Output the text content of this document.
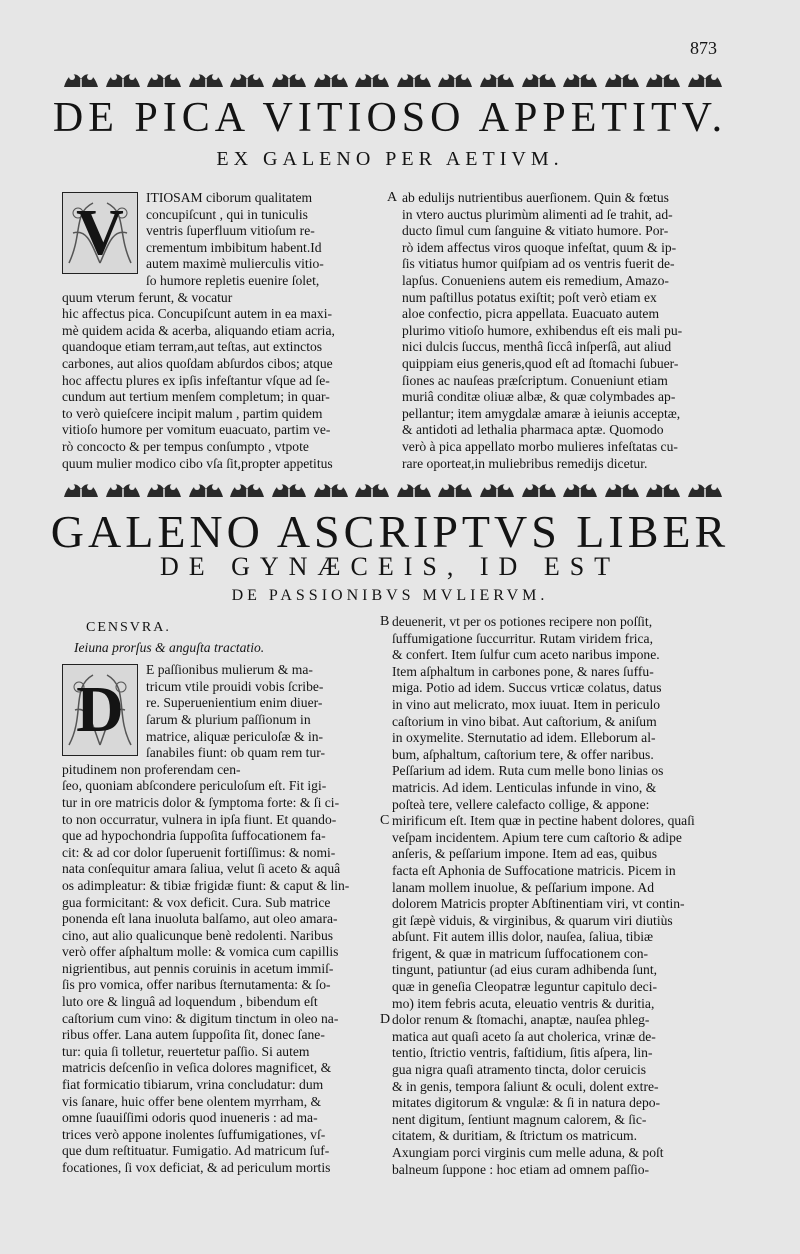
873
DE PICA VITIOSO APPETITV.
EX GALENO PER AETIVM.
V	ITIOSAM ciborum qualitatem

concupiſcunt , qui in tuniculis

ventris ſuperfluum vitioſum re-

crementum imbibitum habent.Id

autem maximè mulierculis vitio-

ſo humore repletis euenire ſolet,

quum vterum ferunt, & vocatur

hic affectus pica. Concupiſcunt autem in ea maxi-

mè quidem acida & acerba, aliquando etiam acria,

quandoque etiam terram,aut teſtas, aut extinctos

carbones, aut alios quoſdam abſurdos cibos; atque

hoc affectu plures ex ipſis infeſtantur vſque ad ſe-

cundum aut tertium menſem completum; in quar-

to verò quieſcere incipit malum , partim quidem

vitioſo humore per vomitum euacuato, partim ve-

rò concocto & per tempus conſumpto , vtpote

quum mulier modico cibo vſa ſit,propter appetitus

A ab edulijs nutrientibus auerſionem. Quin & fœtus

in vtero auctus plurimùm alimenti ad ſe trahit, ad-

ducto ſimul cum ſanguine & vitiato humore. Por-

rò idem affectus viros quoque infeſtat, quum & ip-

ſis vitiatus humor quiſpiam ad os ventris fuerit de-

lapſus. Conueniens autem eis remedium, Amazo-

num paſtillus potatus exiſtit; poſt verò etiam ex

aloe confectio, picra appellata. Euacuato autem

plurimo vitioſo humore, exhibendus eſt eis mali pu-

nici dulcis ſuccus, menthâ ſiccâ inſperſâ, aut aliud

quippiam eius generis,quod eſt ad ſtomachi ſubuer-

ſiones ac nauſeas præſcriptum. Conueniunt etiam

muriâ conditæ oliuæ albæ, & quæ colymbades ap-

pellantur; item amygdalæ amaræ à ieiunis acceptæ,

& antidoti ad lethalia pharmaca aptæ. Quomodo

verò à pica appellato morbo mulieres infeſtatas cu-

rare oporteat,in muliebribus remedijs dicetur.

GALENO ASCRIPTVS LIBER
DE GYNÆCEIS, ID EST
DE PASSIONIBVS MVLIERVM.

CENSVRA.

Ieiuna prorſus & anguſta tractatio.

D

E paſſionibus mulierum & ma-

tricum vtile prouidi vobis ſcribe-

re. Superuenientium enim diuer-

ſarum & plurium paſſionum in

matrice, aliquæ periculoſæ & in-

ſanabiles fiunt: ob quam rem tur-

pitudinem non proferendam cen-

ſeo, quoniam abſcondere periculoſum eſt. Fit igi-

tur in ore matricis dolor & ſymptoma forte: & ſi ci-

to non occurratur, vulnera in ipſa fiunt. Et quando-

que ad hypochondria ſuppoſita ſuffocationem fa-

cit: & ad cor dolor ſuperuenit fortiſſimus: & nomi-

nata conſequitur amara ſaliua, velut ſi aceto & aquâ

os adimpleatur: & tibiæ frigidæ fiunt: & caput & lin-

gua formicitant: & vox deficit. Cura. Sub matrice

ponenda eſt lana inuoluta balſamo, aut oleo amara-

cino, aut alio qualicunque benè redolenti. Naribus

verò offer aſphaltum molle: & vomica cum capillis

nigrientibus, aut pennis coruinis in acetum immiſ-

ſis pro vomica, offer naribus ſternutamenta: & ſo-

luto ore & linguâ ad loquendum , bibendum eſt

caſtorium cum vino: & digitum tinctum in oleo na-

ribus offer. Lana autem ſuppoſita ſit, donec ſane-

tur: quia ſi tolletur, reuertetur paſſio. Si autem

matricis deſcenſio in veſica dolores magnificet, &

fiat formicatio tibiarum, vrina concludatur: dum

vis ſanare, huic offer bene olentem myrrham, &

omne ſuauiſſimi odoris quod inueneris : ad ma-

trices verò appone inolentes ſuffumigationes, vſ-

que dum reſtituatur. Fumigatio. Ad matricum ſuf-

focationes, ſi vox deficiat, & ad periculum mortis

B
C
D

deuenerit, vt per os potiones recipere non poſſit,

ſuffumigatione ſuccurritur. Rutam viridem frica,

& confert. Item ſulfur cum aceto naribus impone.

Item aſphaltum in carbones pone, & nares ſuffu-

miga. Potio ad idem. Succus vrticæ colatus, datus

in vino aut melicrato, mox iuuat. Item in periculo

caſtorium in vino bibat. Aut caſtorium, & aniſum

in oxymelite. Sternutatio ad idem. Elleborum al-

bum, aſphaltum, caſtorium tere, & offer naribus.

Peſſarium ad idem. Ruta cum melle bono linias os

matricis. Ad idem. Lenticulas infunde in vino, &

poſteà tere, vellere calefacto collige, & appone:

mirificum eſt. Item quæ in pectine habent dolores, quaſi

veſpam incidentem. Apium tere cum caſtorio & adipe

anſeris, & peſſarium impone. Item ad eas, quibus

facta eſt Aphonia de Suffocatione matricis. Picem in

lanam mollem inuolue, & peſſarium impone. Ad

dolorem Matricis propter Abſtinentiam viri, vt contin-

git ſæpè viduis, & virginibus, & quarum viri diutiùs

abſunt. Fit autem illis dolor, nauſea, ſaliua, tibiæ

frigent, & quæ in matricum ſuffocationem con-

tingunt, patiuntur (ad eius curam adhibenda ſunt,

quæ in geneſia Cleopatræ leguntur capitulo deci-

mo) item febris acuta, eleuatio ventris & duritia,

dolor renum & ſtomachi, anaptæ, nauſea phleg-

matica aut quaſi aceto ſa aut cholerica, vrinæ de-

tentio, ſtrictio ventris, faſtidium, ſitis aſpera, lin-

gua nigra quaſi atramento tincta, dolor ceruicis

& in genis, tempora ſaliunt & oculi, dolent extre-

mitates digitorum & vngulæ: & ſi in natura depo-

nent digitum, ſentiunt magnum calorem, & ſic-

citatem, & duritiam, & ſtrictum os matricum.

Axungiam porci virginis cum melle aduna, & poſt

balneum ſuppone : hoc etiam ad omnem paſſio-
